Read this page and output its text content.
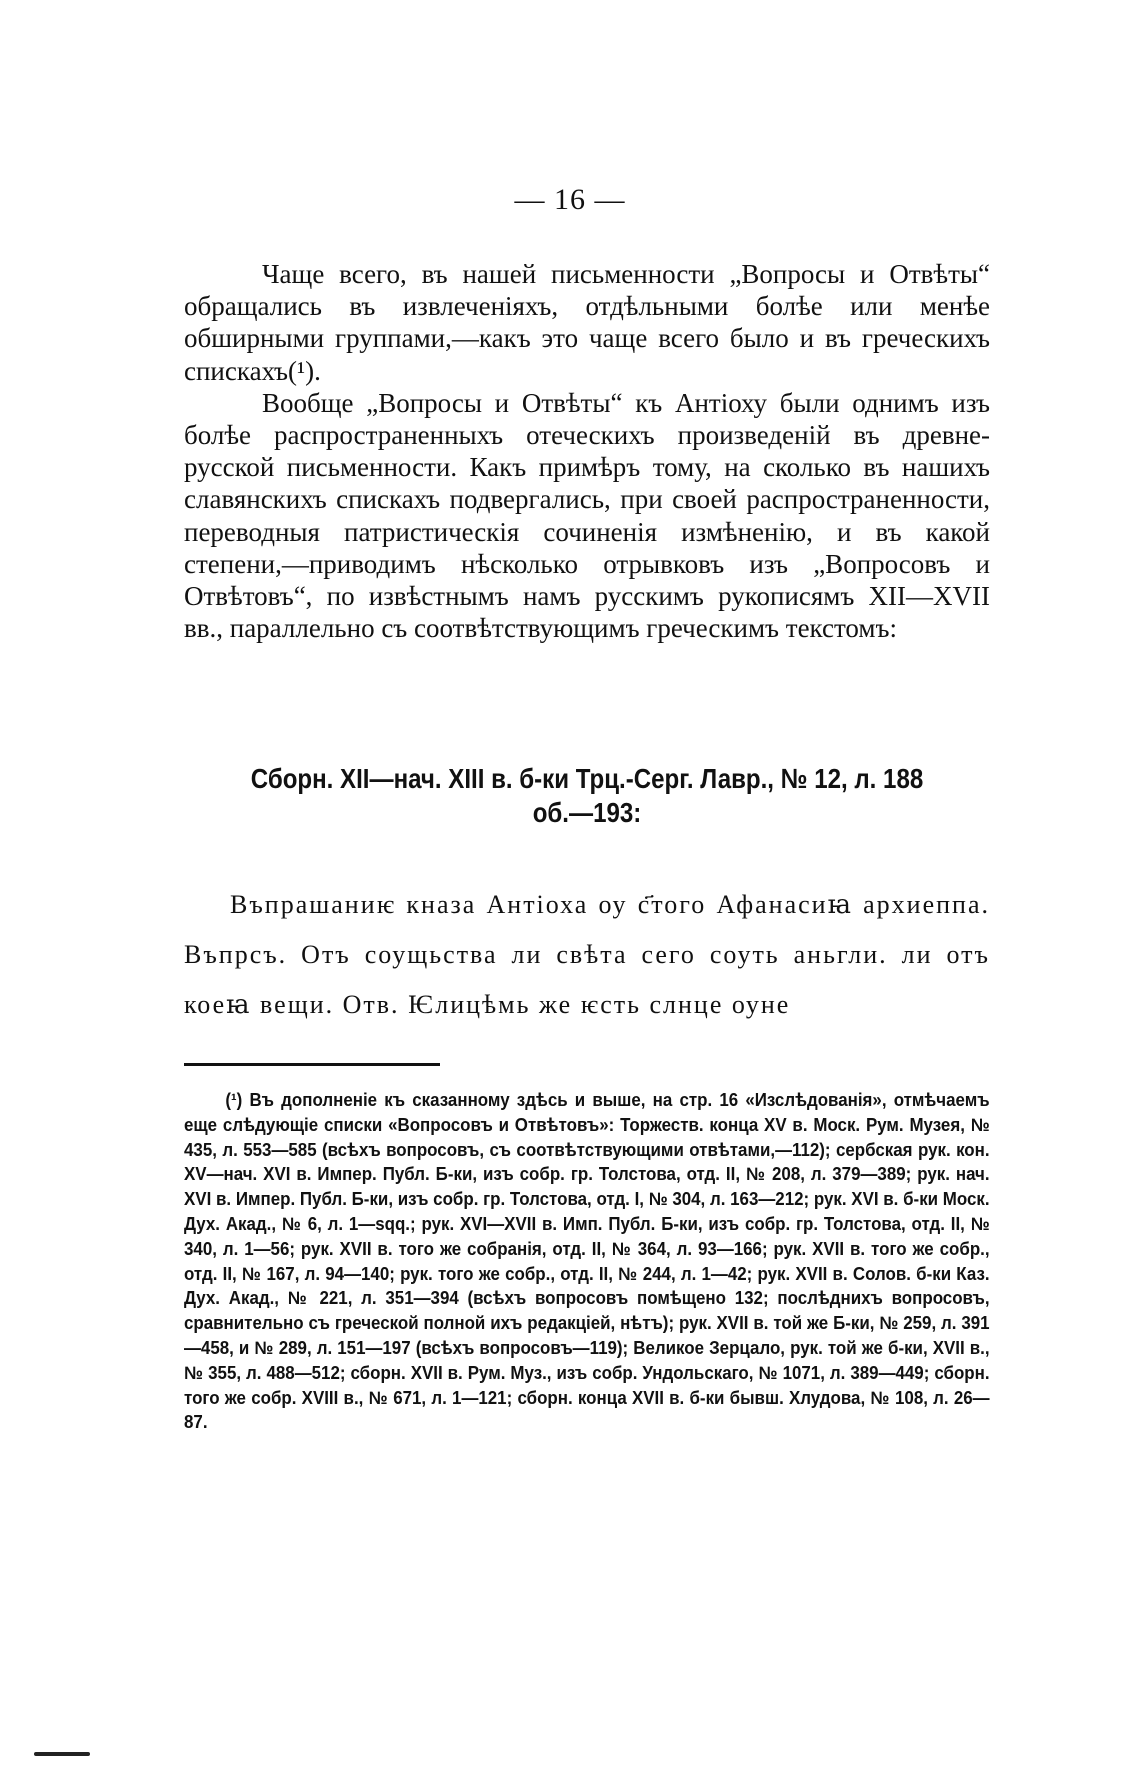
— 16 —

Чаще всего, въ нашей письменности „Вопросы и Отвѣты“ обращались въ извлеченіяхъ, отдѣльными болѣе или менѣе обширными группами,—какъ это чаще всего было и въ греческихъ спискахъ(¹).

Вообще „Вопросы и Отвѣты“ къ Антіоху были однимъ изъ болѣе распространенныхъ отеческихъ произведеній въ древне-русской письменности. Какъ примѣръ тому, на сколько въ нашихъ славянскихъ спискахъ подвергались, при своей распространенности, переводныя патристическія сочиненія измѣненію, и въ какой степени,—приводимъ нѣсколько отрывковъ изъ „Вопросовъ и Отвѣтовъ“, по извѣстнымъ намъ русскимъ рукописямъ XII—XVII вв., параллельно съ соотвѣтствующимъ греческимъ текстомъ:

Сборн. XII—нач. XIII в. б-ки Трц.-Серг. Лавр., № 12, л. 188 об.—193:
Въпрашаниѥ кназа Антіоха оу с҃того Афанасиꙗ архиеппа. Въпрсъ. Отъ соущьства ли свѣта сего соуть аньгли. ли отъ коеꙗ вещи. Отв. Ѥлицѣмь же ѥсть слнце оуне
(¹) Въ дополненіе къ сказанному здѣсь и выше, на стр. 16 «Изслѣдованія», отмѣчаемъ еще слѣдующіе списки «Вопросовъ и Отвѣтовъ»: Торжеств. конца XV в. Моск. Рум. Музея, № 435, л. 553—585 (всѣхъ вопросовъ, съ соотвѣтствующими отвѣтами,—112); сербская рук. кон. XV—нач. XVI в. Импер. Публ. Б-ки, изъ собр. гр. Толстова, отд. II, № 208, л. 379—389; рук. нач. XVI в. Импер. Публ. Б-ки, изъ собр. гр. Толстова, отд. I, № 304, л. 163—212; рук. XVI в. б-ки Моск. Дух. Акад., № 6, л. 1—sqq.; рук. XVI—XVII в. Имп. Публ. Б-ки, изъ собр. гр. Толстова, отд. II, № 340, л. 1—56; рук. XVII в. того же собранія, отд. II, № 364, л. 93—166; рук. XVII в. того же собр., отд. II, № 167, л. 94—140; рук. того же собр., отд. II, № 244, л. 1—42; рук. XVII в. Солов. б-ки Каз. Дух. Акад., № 221, л. 351—394 (всѣхъ вопросовъ помѣщено 132; послѣднихъ вопросовъ, сравнительно съ греческой полной ихъ редакціей, нѣтъ); рук. XVII в. той же Б-ки, № 259, л. 391—458, и № 289, л. 151—197 (всѣхъ вопросовъ—119); Великое Зерцало, рук. той же б-ки, XVII в., № 355, л. 488—512; сборн. XVII в. Рум. Муз., изъ собр. Ундольскаго, № 1071, л. 389—449; сборн. того же собр. XVIII в., № 671, л. 1—121; сборн. конца XVII в. б-ки бывш. Хлудова, № 108, л. 26—87.
